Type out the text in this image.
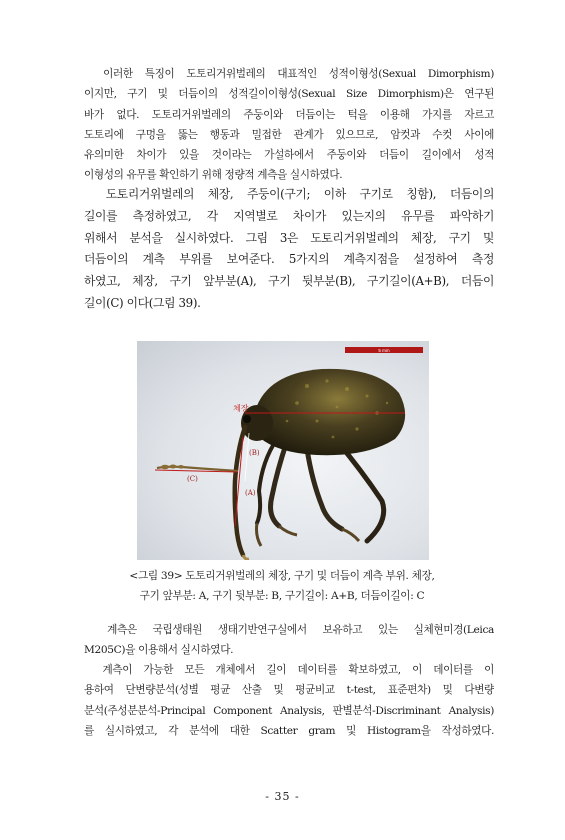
　이러한 특징이 도토리거위벌레의 대표적인 성적이형성(Sexual Dimorphism)
이지만, 구기 및 더듬이의 성적길이이형성(Sexual Size Dimorphism)은 연구된
바가 없다. 도토리거위벌레의 주둥이와 더듬이는 턱을 이용해 가지를 자르고
도토리에 구멍을 뚫는 행동과 밀접한 관계가 있으므로, 암컷과 수컷 사이에
유의미한 차이가 있을 것이라는 가설하에서 주둥이와 더듬이 길이에서 성적
이형성의 유무를 확인하기 위해 정량적 계측을 실시하였다.
　도토리거위벌레의 체장, 주둥이(구기; 이하 구기로 칭함), 더듬이의
길이를 측정하였고, 각 지역별로 차이가 있는지의 유무를 파악하기
위해서 분석을 실시하였다. 그림 3은 도토리거위벌레의 체장, 구기 및
더듬이의 계측 부위를 보여준다. 5가지의 계측지점을 설정하여 측정
하였고, 체장, 구기 앞부분(A), 구기 뒷부분(B), 구기길이(A+B), 더듬이
길이(C) 이다(그림 39).
5 mm
체장
(B)
(A)
(C)
<그림 39> 도토리거위벌레의 체장, 구기 및 더듬이 계측 부위. 체장,
구기 앞부분: A, 구기 뒷부분: B, 구기길이: A+B, 더듬이길이: C
　계측은 국립생태원 생태기반연구실에서 보유하고 있는 실체현미경(Leica
M205C)을 이용해서 실시하였다.
　계측이 가능한 모든 개체에서 길이 데이터를 확보하였고, 이 데이터를 이
용하여 단변량분석(성별 평균 산출 및 평균비교 t-test, 표준편차) 및 다변량
분석(주성분분석-Principal Component Analysis, 판별분석-Discriminant Analysis)
를 실시하였고, 각 분석에 대한 Scatter gram 및 Histogram을 작성하였다.
- 35 -
